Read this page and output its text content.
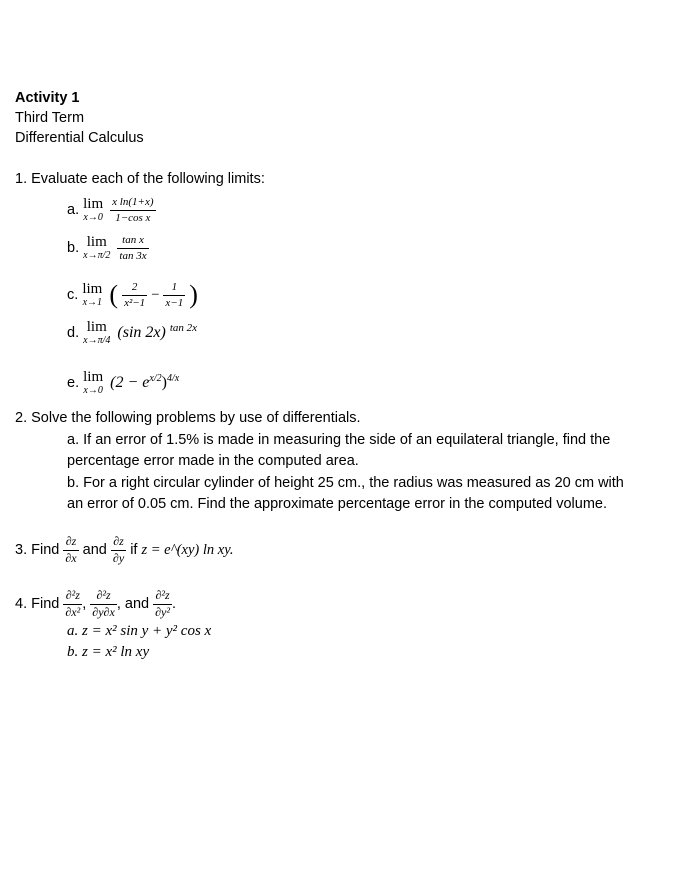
Activity 1
Third Term
Differential Calculus
1. Evaluate each of the following limits:
a. lim
x→0
$\frac{\text{x ln(1+x)}}{\text{1−cos x}}$
b. lim
x→π/2
$\frac{\text{tan x}}{\tan 3x}$
c. lim
x→1 ( $\frac{2}{\text{x²−1}} - \frac{1}{x-1}$ )
d. lim
x→π/4 (sin 2x) $^{tan 2x}$
e. lim
x→0 $(2 - e^{x/2})^{4/x}$
2. Solve the following problems by use of differentials.
a. If an error of 1.5% is made in measuring the side of an equilateral triangle, find the
percentage error made in the computed area.
b. For a right circular cylinder of height 25 cm., the radius was measured as 20 cm with
an error of 0.05 cm. Find the approximate percentage error in the computed volume.
3. Find $\frac{\partial z}{\partial x}$ and $\frac{\partial z}{\partial y}$ if z = e^(xy) ln xy.
4. Find $\frac{\text{∂²z}}{\text{∂x²}}$ , $\frac{\text{∂²z}}{\partial y\partial x}$ , and $\frac{\text{∂²z}}{\text{∂y²}}$ .
a. z = x² sin y + y² cos x
b. z = x² ln xy
